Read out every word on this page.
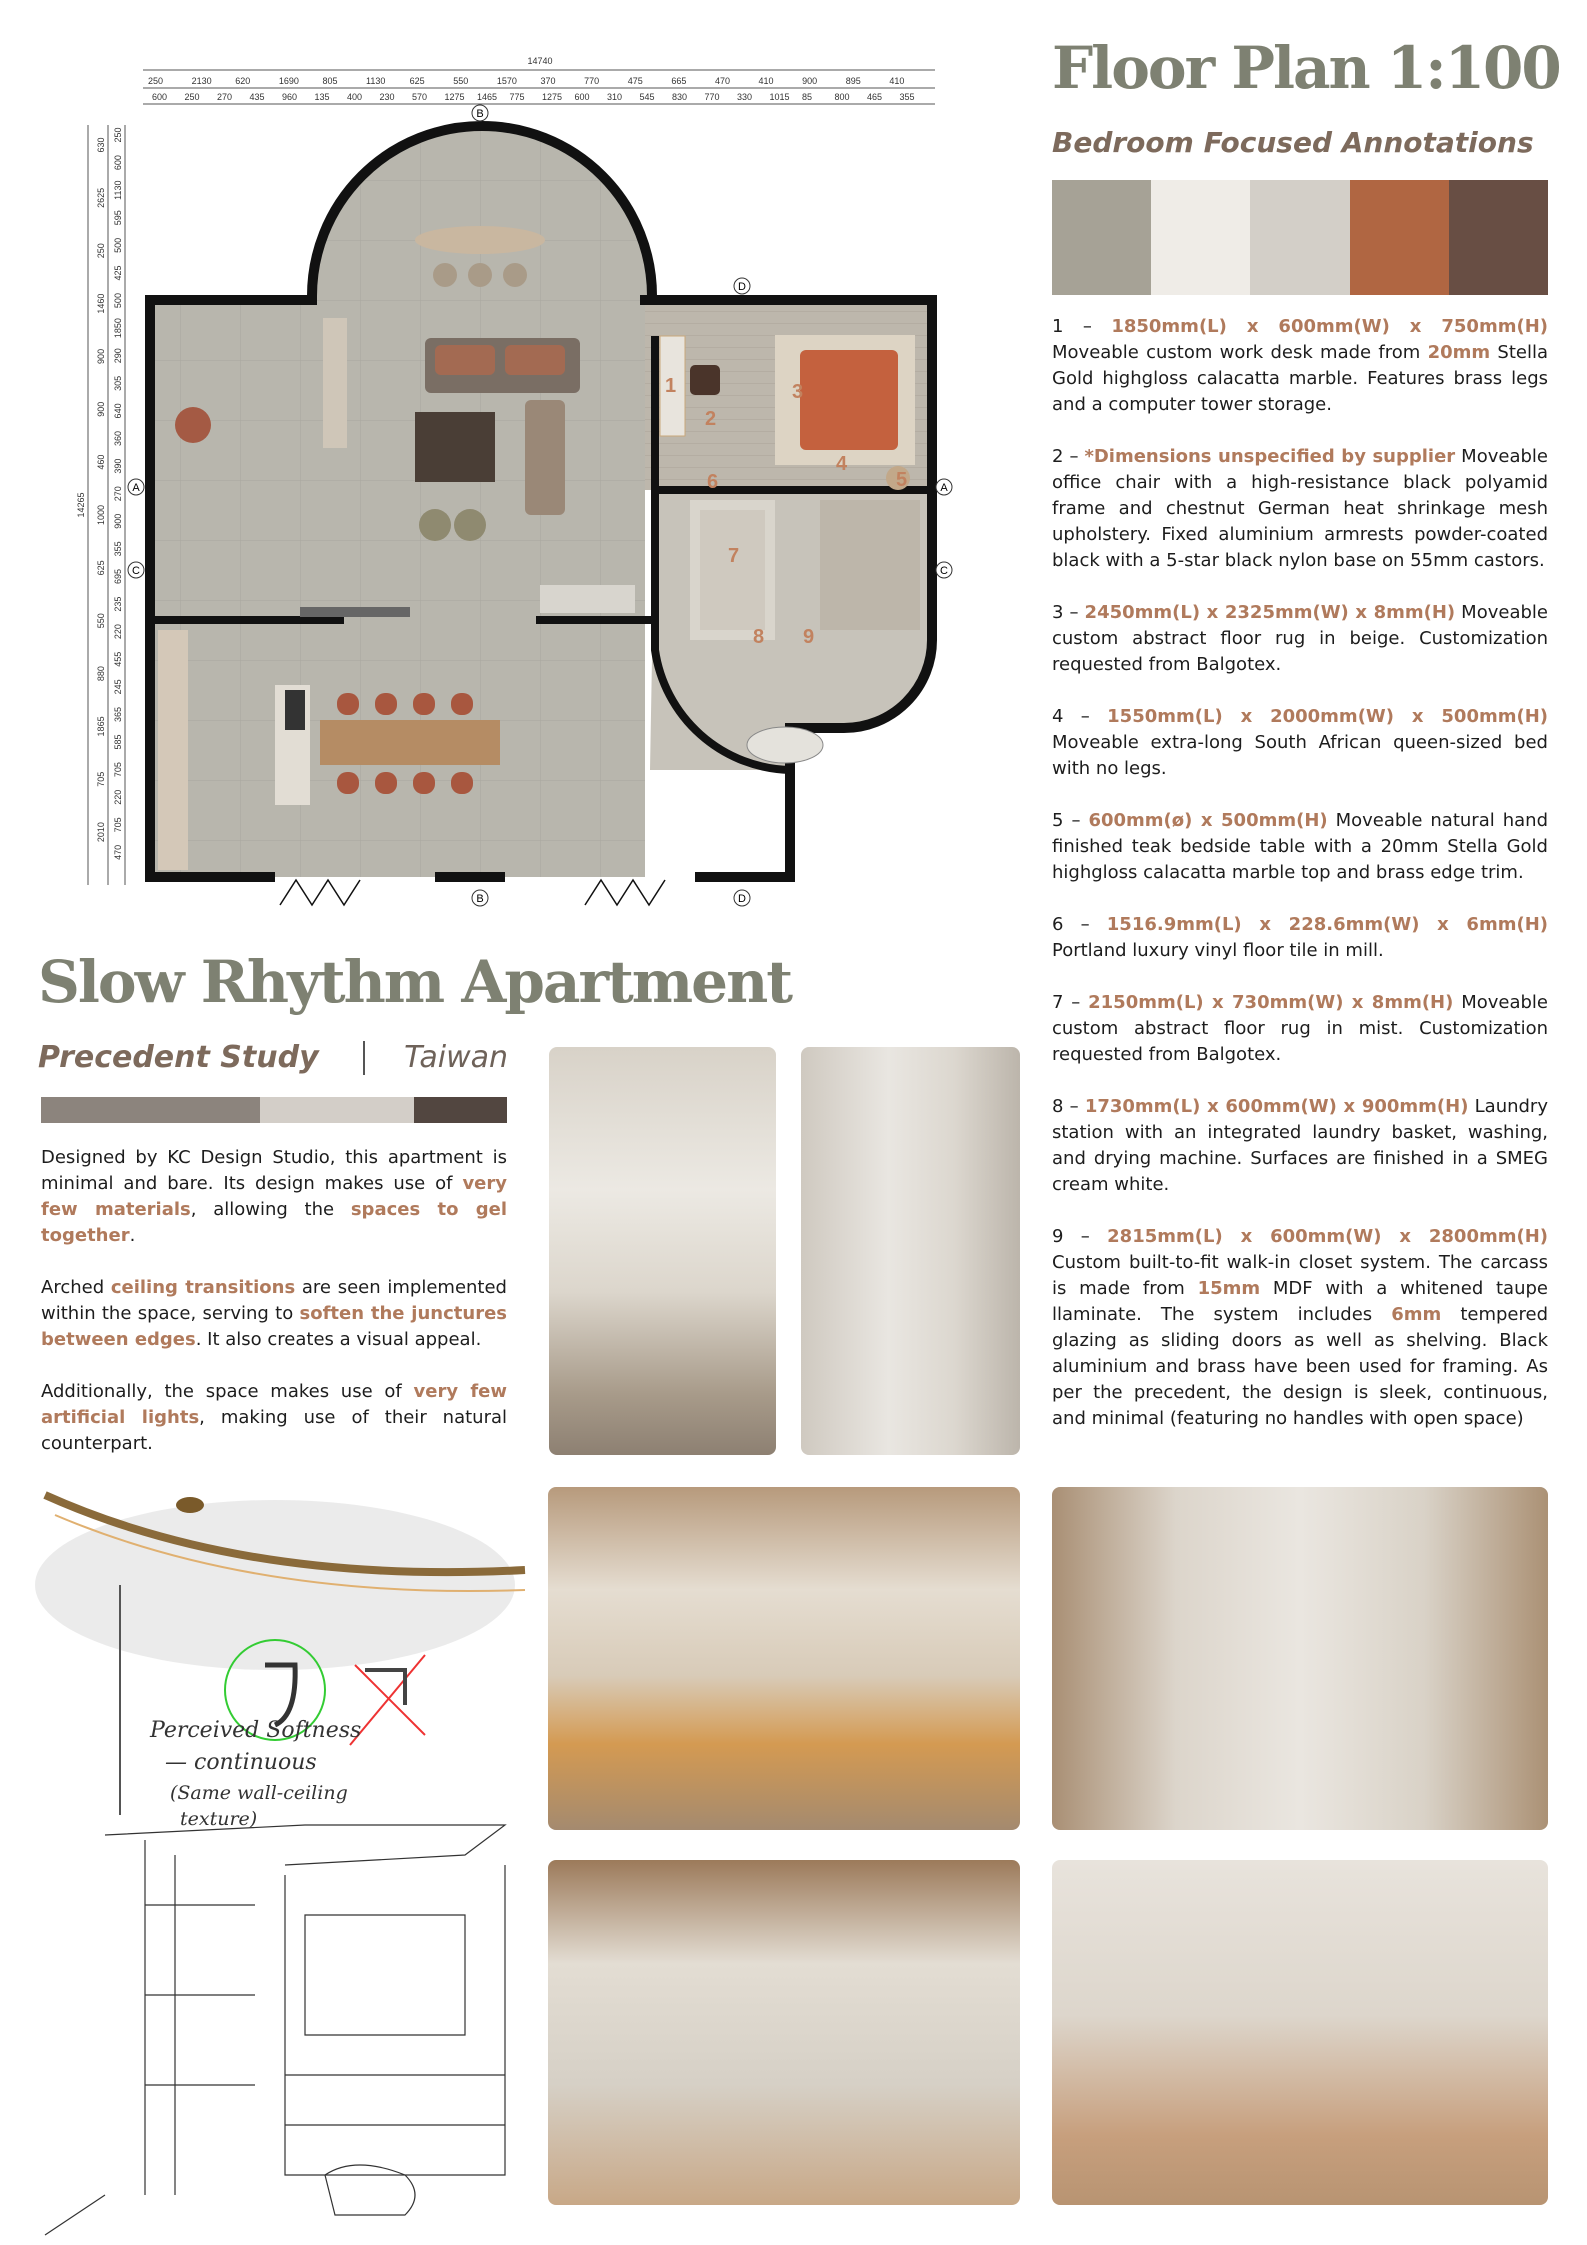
A	A
B
B
C	C
D
D
1
2
3
4
5
6
7
8 9
14740
250	2130	620	1690	805	1130	625	550	1570	370	770	475	665	470	410	900	895	410
600 250 270 435 960 135 400 230 570 1275 1465 775 1275 600 310 545 830 770 330 1015 85 800 465 355
14265
630
2625
250
1460
900
900
460
1000
625
550
880
1865
705
2010
250
600
1130
595
500
425
500
1850
290
305
640
360
390
270
900
355
695
235
220
455
245
365
585
705
220
705
470
Floor Plan 1:100
Bedroom Focused Annotations

1 – 1850mm(L) x 600mm(W) x 750mm(H) Moveable custom work desk made from 20mm Stella Gold highgloss calacatta marble. Features brass legs and a computer tower storage.

2 – *Dimensions unspecified by supplier Moveable office chair with a high-resistance black polyamid frame and chestnut German heat shrinkage mesh upholstery. Fixed aluminium armrests powder-coated black with a 5-star black nylon base on 55mm castors.

3 – 2450mm(L) x 2325mm(W) x 8mm(H) Moveable custom abstract floor rug in beige. Customization requested from Balgotex.

4 – 1550mm(L) x 2000mm(W) x 500mm(H) Moveable extra-long South African queen-sized bed with no legs.

5 – 600mm(ø) x 500mm(H) Moveable natural hand finished teak bedside table with a 20mm Stella Gold highgloss calacatta marble top and brass edge trim.

6 – 1516.9mm(L) x 228.6mm(W) x 6mm(H) Portland luxury vinyl floor tile in mill.

7 – 2150mm(L) x 730mm(W) x 8mm(H) Moveable custom abstract floor rug in mist. Customization requested from Balgotex.

8 – 1730mm(L) x 600mm(W) x 900mm(H) Laundry station with an integrated laundry basket, washing, and drying machine. Surfaces are finished in a SMEG cream white.

9 – 2815mm(L) x 600mm(W) x 2800mm(H) Custom built-to-fit walk-in closet system. The carcass is made from 15mm MDF with a whitened taupe llaminate. The system includes 6mm tempered glazing as sliding doors as well as shelving. Black aluminium and brass have been used for framing. As per the precedent, the design is sleek, continuous, and minimal (featuring no handles with open space)

Slow Rhythm Apartment
Precedent Study	Taiwan

Designed by KC Design Studio, this apartment is minimal and bare. Its design makes use of very few materials, allowing the spaces to gel together.

Arched ceiling transitions are seen implemented within the space, serving to soften the junctures between edges. It also creates a visual appeal.

Additionally, the space makes use of very few artificial lights, making use of their natural counterpart.

Perceived Softness
— continuous
(Same wall-ceiling
texture)
